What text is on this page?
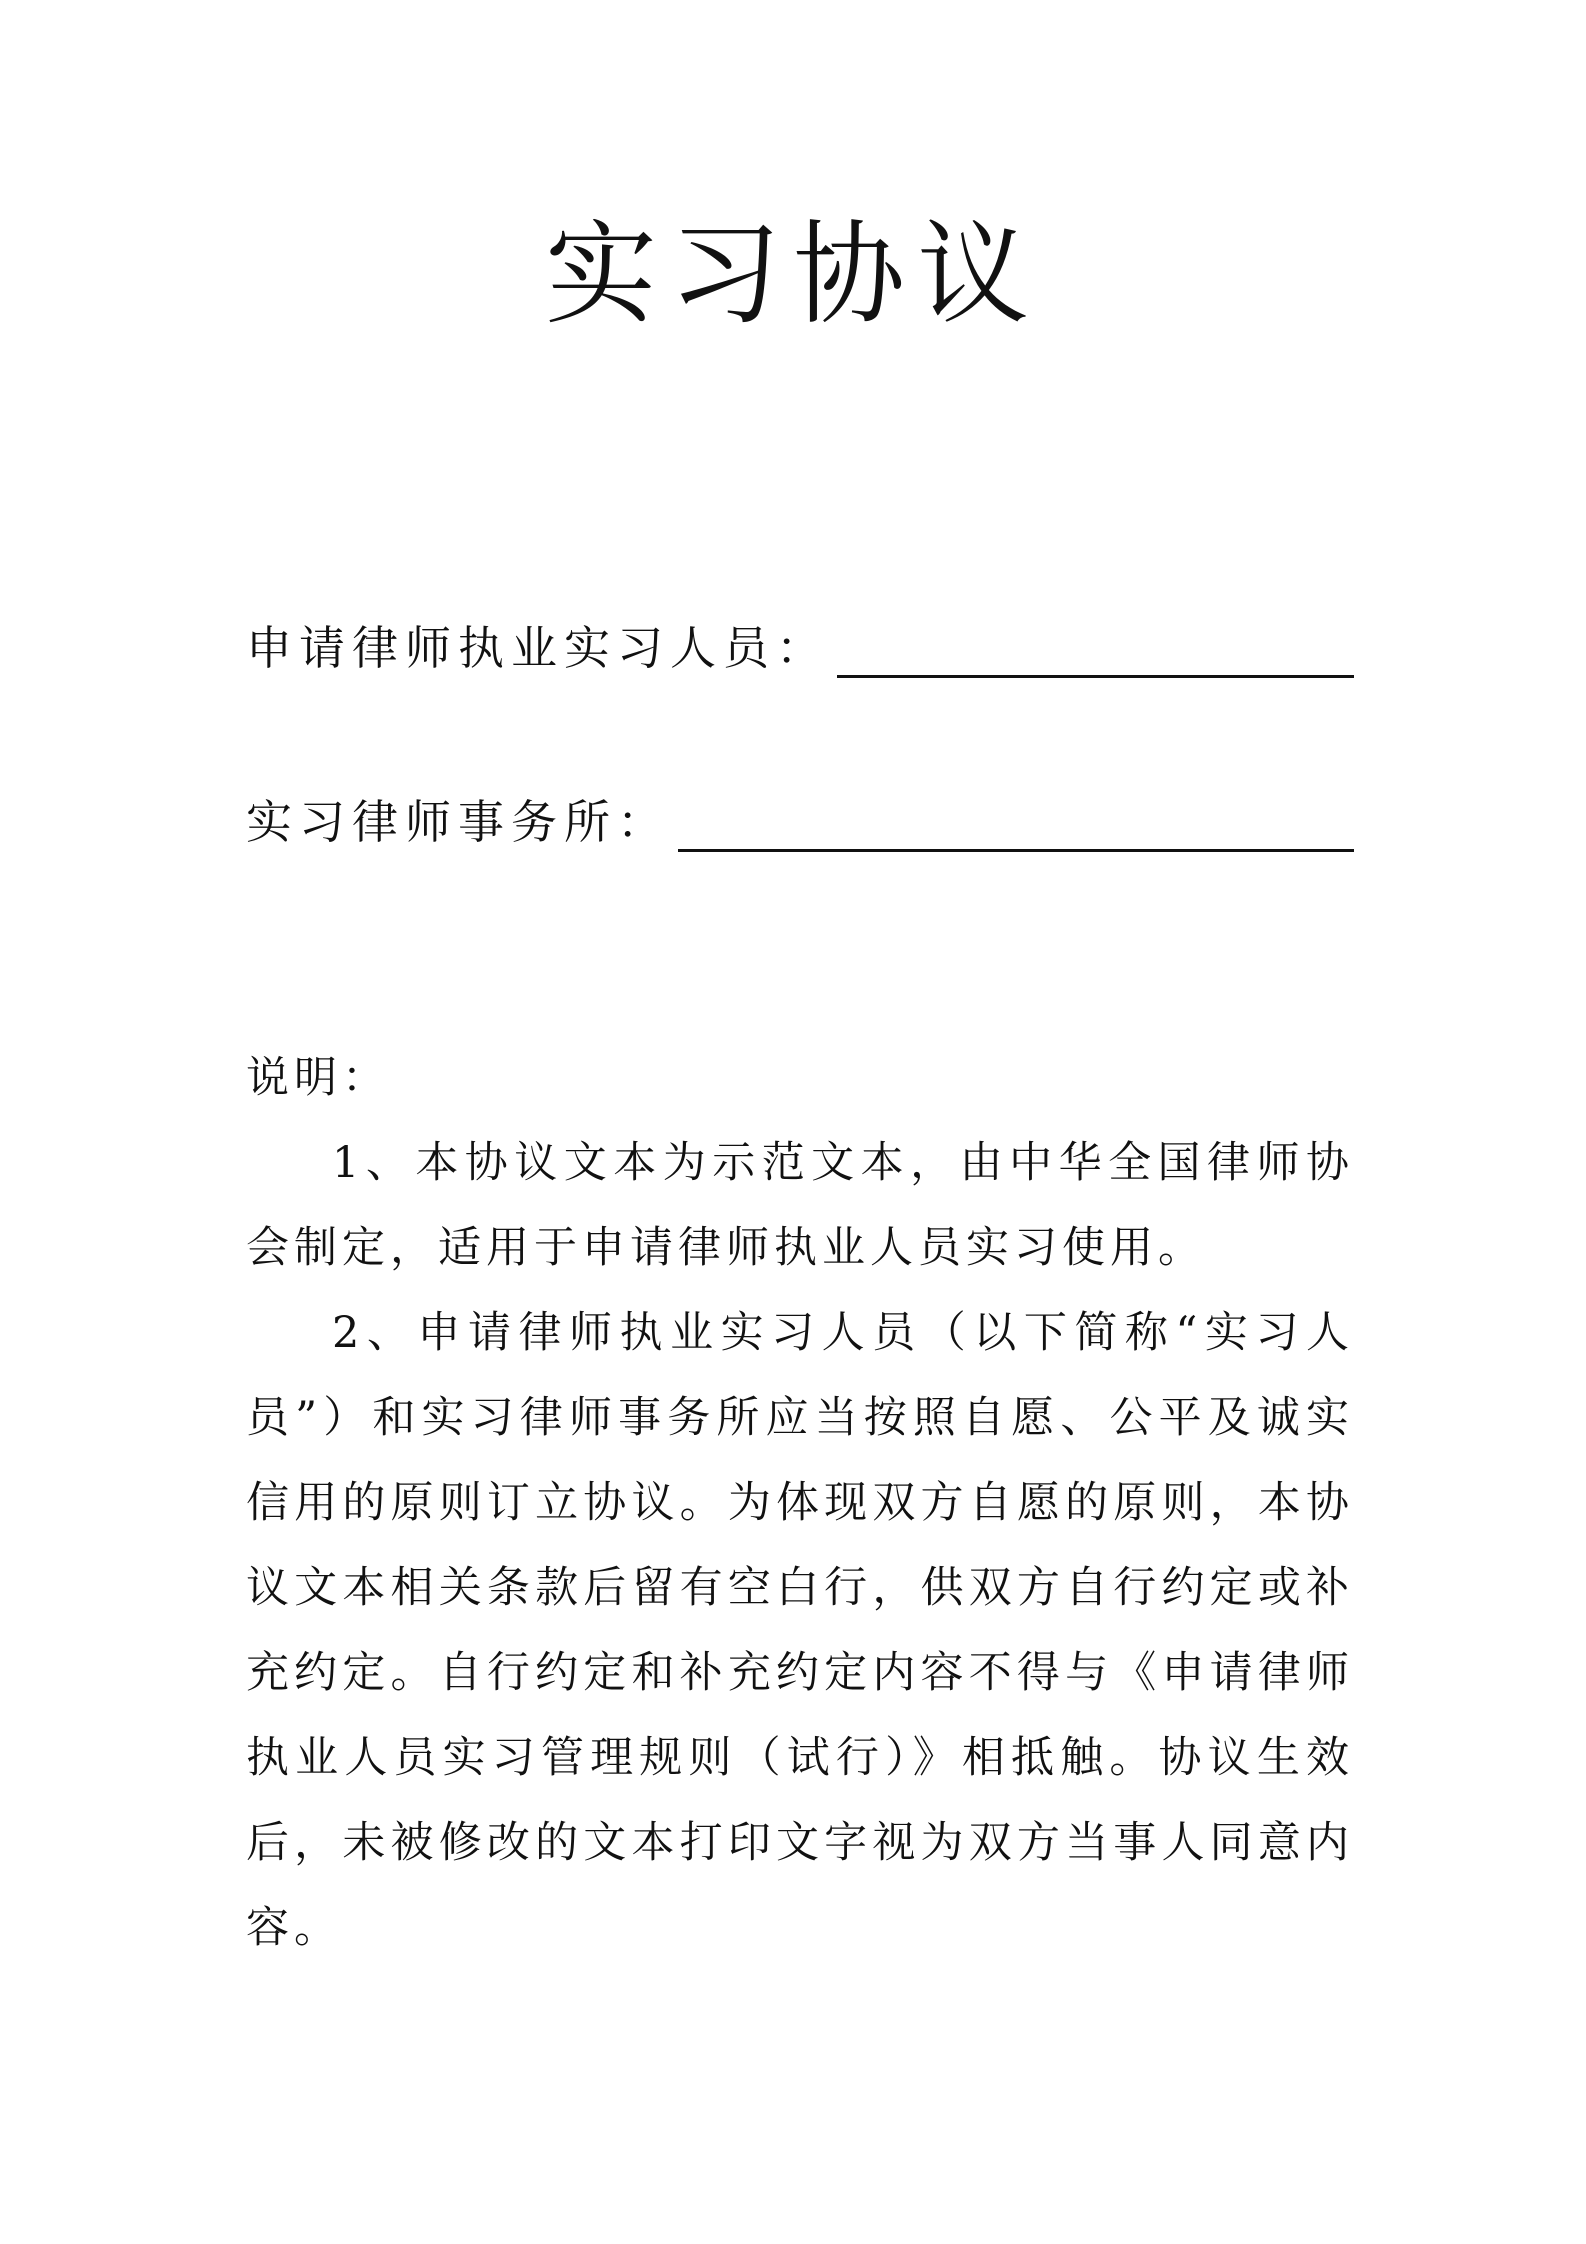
实习协议
申请律师执业实习人员：
实习律师事务所：

说明：

1、本协议文本为示范文本，由中华全国律师协会制定，适用于申请律师执业人员实习使用。

2、申请律师执业实习人员（以下简称“实习人员”）和实习律师事务所应当按照自愿、公平及诚实信用的原则订立协议。为体现双方自愿的原则，本协议文本相关条款后留有空白行，供双方自行约定或补充约定。自行约定和补充约定内容不得与《申请律师执业人员实习管理规则（试行）》相抵触。协议生效后，未被修改的文本打印文字视为双方当事人同意内容。
